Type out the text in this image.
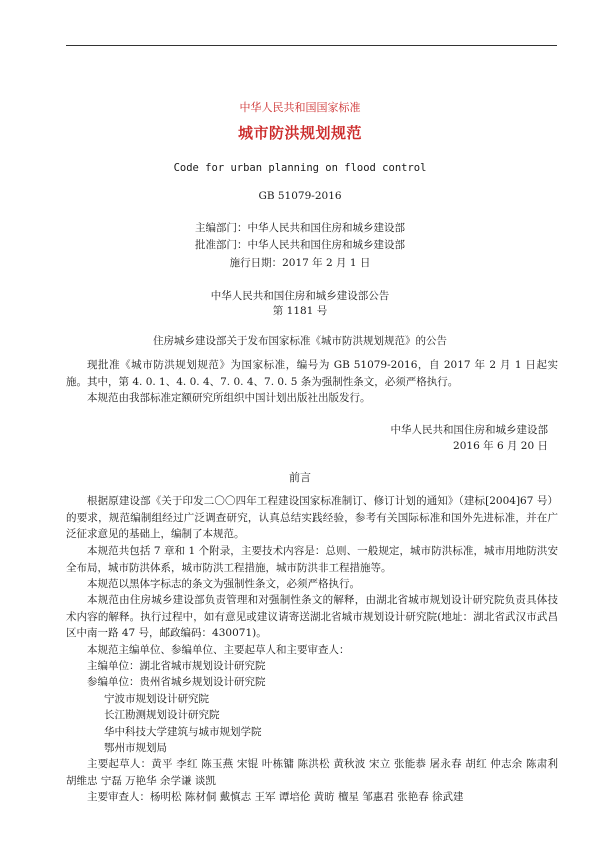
中华人民共和国国家标准
城市防洪规划规范
Code for urban planning on flood control
GB 51079-2016
主编部门：中华人民共和国住房和城乡建设部
批准部门：中华人民共和国住房和城乡建设部
施行日期：2017 年 2 月 1 日
中华人民共和国住房和城乡建设部公告
第 1181 号
住房城乡建设部关于发布国家标准《城市防洪规划规范》的公告
现批准《城市防洪规划规范》为国家标准，编号为 GB 51079-2016，自 2017 年 2 月 1 日起实施。其中，第 4. 0. 1、4. 0. 4、7. 0. 4、7. 0. 5 条为强制性条文，必须严格执行。
本规范由我部标准定额研究所组织中国计划出版社出版发行。
中华人民共和国住房和城乡建设部
2016 年 6 月 20 日
前言
根据原建设部《关于印发二〇〇四年工程建设国家标准制订、修订计划的通知》（建标[2004]67 号）的要求，规范编制组经过广泛调查研究，认真总结实践经验，参考有关国际标准和国外先进标准，并在广泛征求意见的基础上，编制了本规范。
本规范共包括 7 章和 1 个附录，主要技术内容是：总则、一般规定，城市防洪标准，城市用地防洪安全布局，城市防洪体系，城市防洪工程措施，城市防洪非工程措施等。
本规范以黑体字标志的条文为强制性条文，必须严格执行。
本规范由住房城乡建设部负责管理和对强制性条文的解释，由湖北省城市规划设计研究院负责具体技术内容的解释。执行过程中，如有意见或建议请寄送湖北省城市规划设计研究院(地址：湖北省武汉市武昌区中南一路 47 号，邮政编码：430071)。
本规范主编单位、参编单位、主要起草人和主要审查人：
主编单位：湖北省城市规划设计研究院
参编单位：贵州省城乡规划设计研究院
宁波市规划设计研究院
长江勘测规划设计研究院
华中科技大学建筑与城市规划学院
鄂州市规划局
主要起草人：黄平 李红 陈玉燕 宋锟 叶栋镛 陈洪松 黄秋波 宋立 张能恭 屠永春 胡红 仲志余 陈肃利 胡维忠 宁磊 万艳华 余学谦 谈凯
主要审查人：杨明松 陈材侗 戴慎志 王军 谭培伦 黄昉 檀星 邹惠君 张艳春 徐武建
